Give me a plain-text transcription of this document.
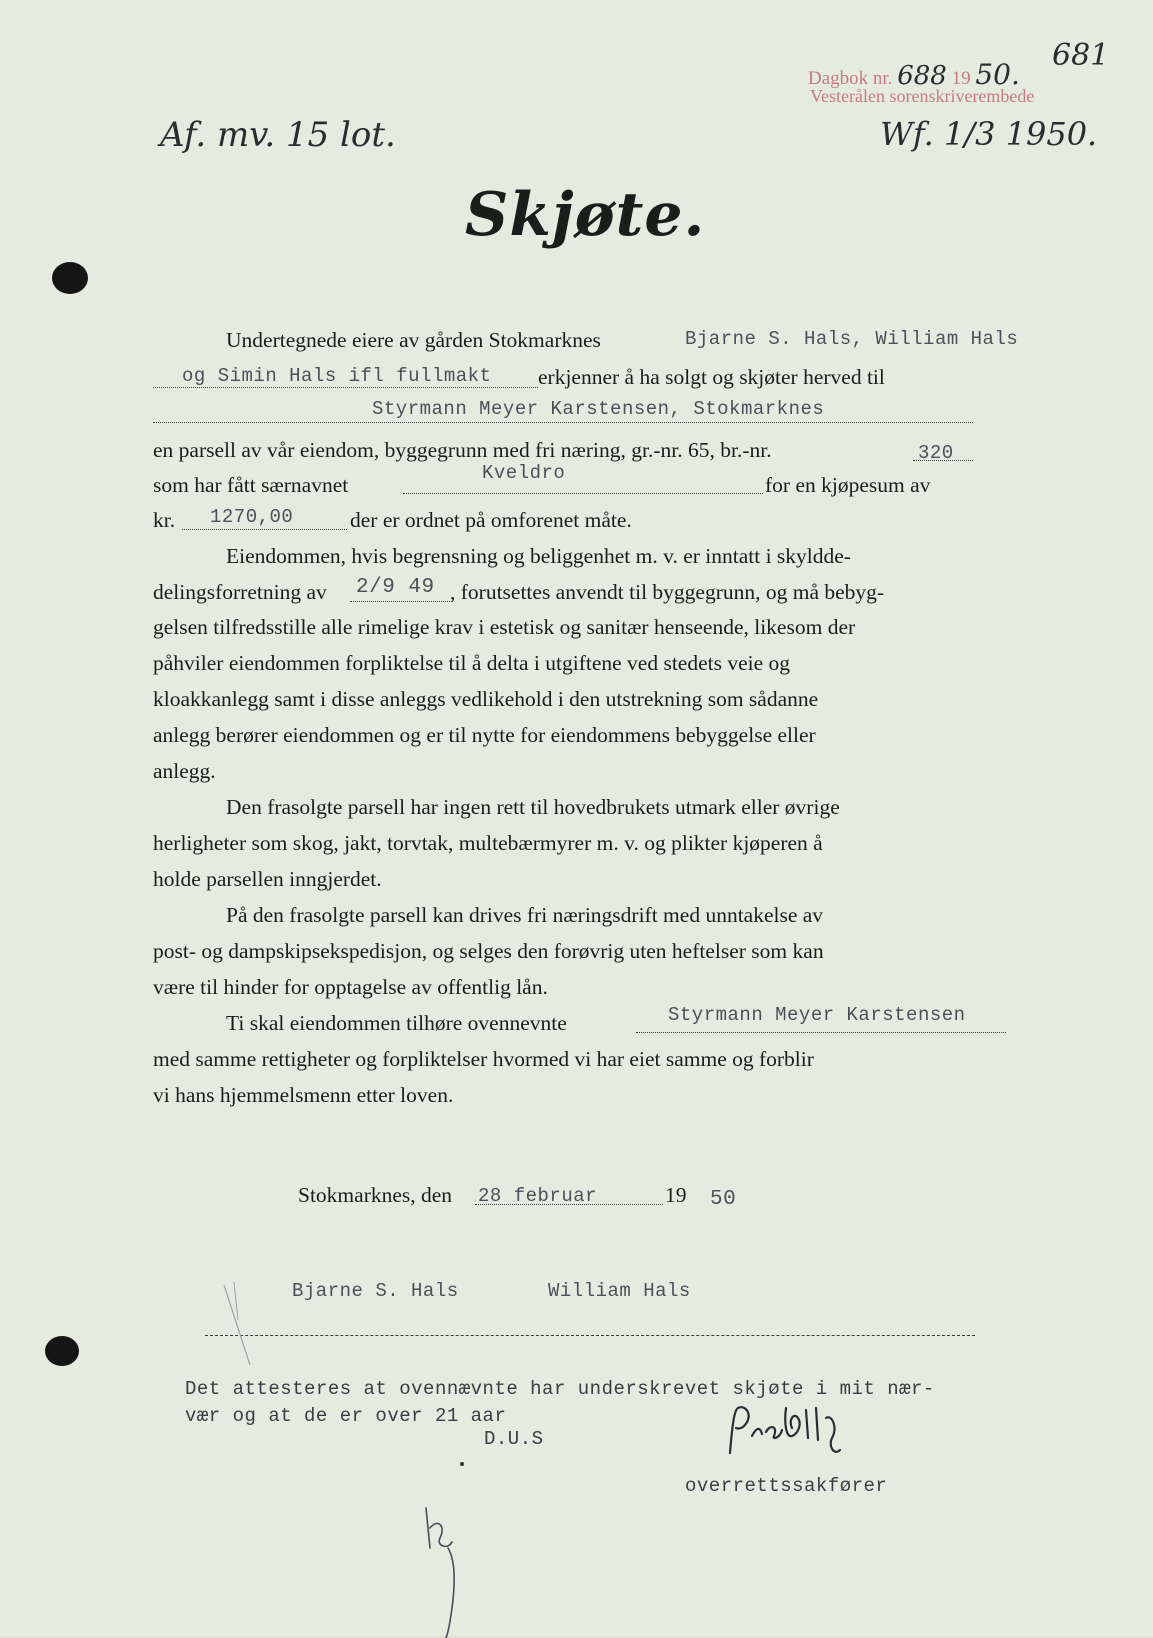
Dagbok nr. 688 19 50.
681
Vesterålen sorenskriverembede
Af. mv. 15 lot.	Wf. 1/3 1950.
Skjøte.
Undertegnede eiere av gården Stokmarknes	Bjarne S. Hals, William Hals
og Simin Hals ifl fullmakt erkjenner å ha solgt og skjøter herved til
Styrmann Meyer Karstensen, Stokmarknes
en parsell av vår eiendom, byggegrunn med fri næring, gr.-nr. 65, br.-nr.	320
som har fått særnavnet	Kveldro	for en kjøpesum av
kr. 1270,00	der er ordnet på omforenet måte.
Eiendommen, hvis begrensning og beliggenhet m. v. er inntatt i skyldde-
delingsforretning av 2/9 49 , forutsettes anvendt til byggegrunn, og må bebyg-
gelsen tilfredsstille alle rimelige krav i estetisk og sanitær henseende, likesom der
påhviler eiendommen forpliktelse til å delta i utgiftene ved stedets veie og
kloakkanlegg samt i disse anleggs vedlikehold i den utstrekning som sådanne
anlegg berører eiendommen og er til nytte for eiendommens bebyggelse eller
anlegg.
Den frasolgte parsell har ingen rett til hovedbrukets utmark eller øvrige
herligheter som skog, jakt, torvtak, multebærmyrer m. v. og plikter kjøperen å
holde parsellen inngjerdet.
På den frasolgte parsell kan drives fri næringsdrift med unntakelse av
post- og dampskipsekspedisjon, og selges den forøvrig uten heftelser som kan
være til hinder for opptagelse av offentlig lån.
Ti skal eiendommen tilhøre ovennevnte	Styrmann Meyer Karstensen
med samme rettigheter og forpliktelser hvormed vi har eiet samme og forblir
vi hans hjemmelsmenn etter loven.
Stokmarknes, den 28 februar	19 50
Bjarne S. Hals	William Hals
Det attesteres at ovennævnte har underskrevet skjøte i mit nær-
vær og at de er over 21 aar
D.U.S
overrettssakfører
